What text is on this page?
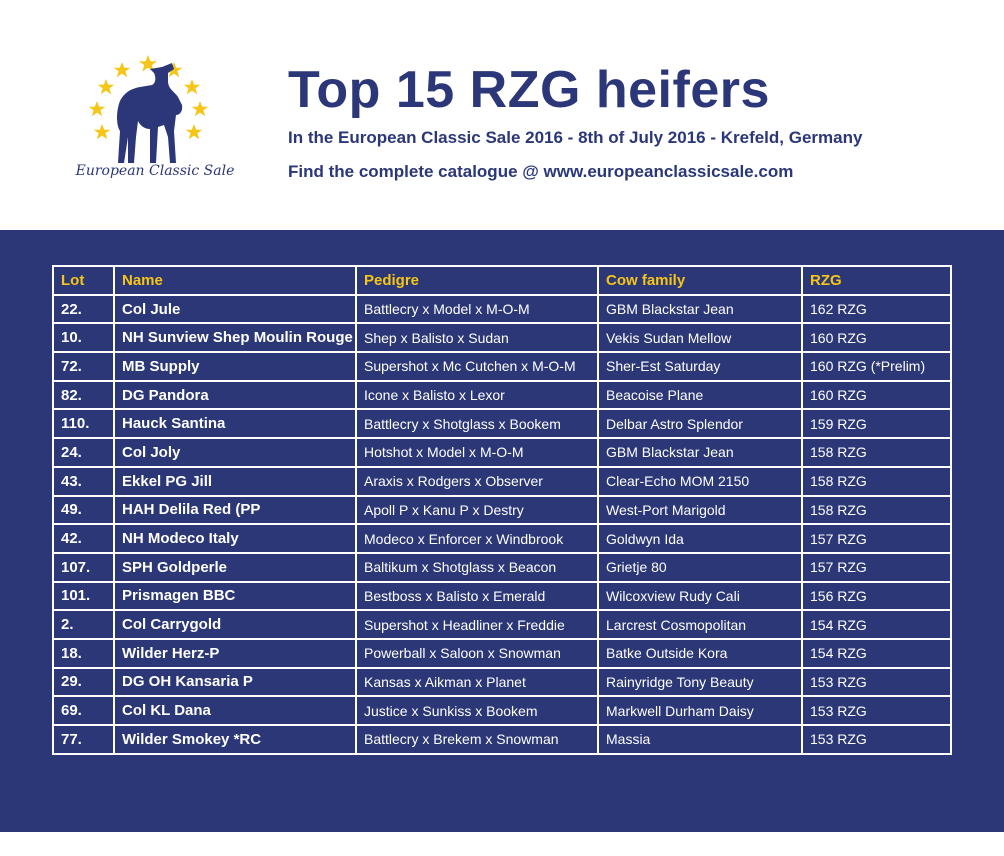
European Classic Sale
Top 15 RZG heifers
In the European Classic Sale 2016 - 8th of July 2016 - Krefeld, Germany
Find the complete catalogue @ www.europeanclassicsale.com
Lot	Name	Pedigre	Cow family	RZG
22.	Col Jule	Battlecry x Model x M-O-M	GBM Blackstar Jean	162 RZG
10.	NH Sunview Shep Moulin Rouge	Shep x Balisto x Sudan	Vekis Sudan Mellow	160 RZG
72.	MB Supply	Supershot x Mc Cutchen x M-O-M	Sher-Est Saturday	160 RZG (*Prelim)
82.	DG Pandora	Icone x Balisto x Lexor	Beacoise Plane	160 RZG
110.	Hauck Santina	Battlecry x Shotglass x Bookem	Delbar Astro Splendor	159 RZG
24.	Col Joly	Hotshot x Model x M-O-M	GBM Blackstar Jean	158 RZG
43.	Ekkel PG Jill	Araxis x Rodgers x Observer	Clear-Echo MOM 2150	158 RZG
49.	HAH Delila Red (PP	Apoll P x Kanu P x Destry	West-Port Marigold	158 RZG
42.	NH Modeco Italy	Modeco x Enforcer x Windbrook	Goldwyn Ida	157 RZG
107.	SPH Goldperle	Baltikum x Shotglass x Beacon	Grietje 80	157 RZG
101.	Prismagen BBC	Bestboss x Balisto x Emerald	Wilcoxview Rudy Cali	156 RZG
2.	Col Carrygold	Supershot x Headliner x Freddie	Larcrest Cosmopolitan	154 RZG
18.	Wilder Herz-P	Powerball x Saloon x Snowman	Batke Outside Kora	154 RZG
29.	DG OH Kansaria P	Kansas x Aikman x Planet	Rainyridge Tony Beauty	153 RZG
69.	Col KL Dana	Justice x Sunkiss x Bookem	Markwell Durham Daisy	153 RZG
77.	Wilder Smokey *RC	Battlecry x Brekem x Snowman	Massia	153 RZG
